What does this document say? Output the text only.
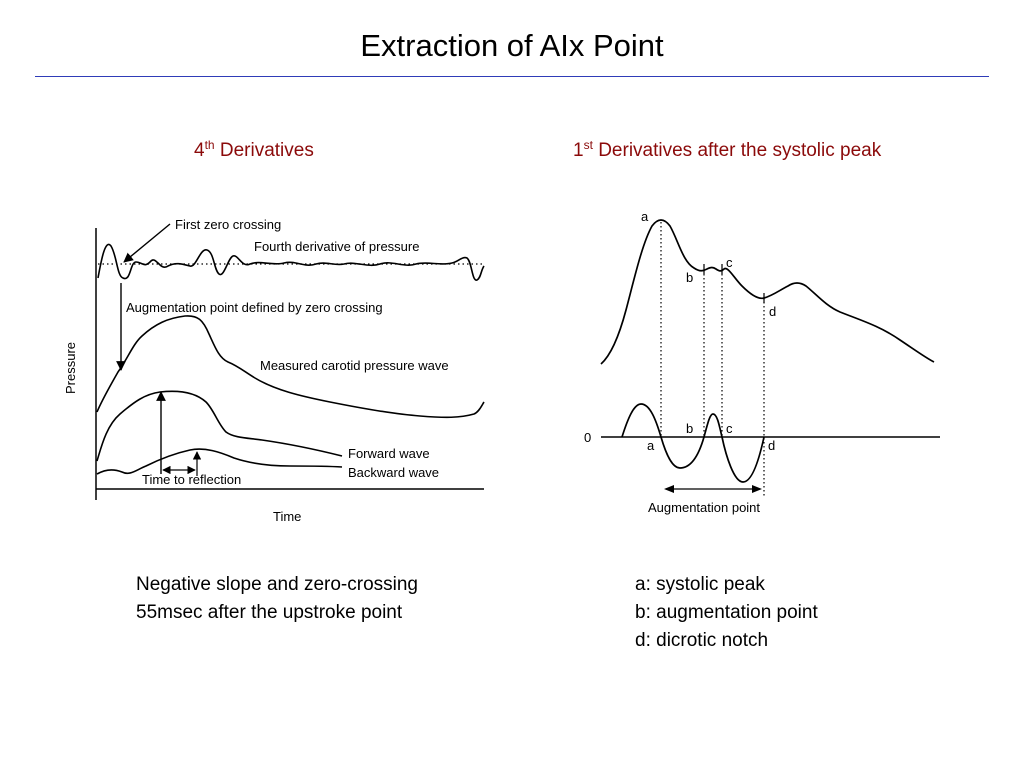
Extraction of AIx Point
4th Derivatives	1st Derivatives after the systolic peak
First zero crossing
Fourth derivative of pressure
Augmentation point defined by zero crossing
Measured carotid pressure wave
Forward wave
Backward wave
Time to reflection
Time
Pressure
a
b
c
d
a
b	c
d
0
Augmentation point
Negative slope and zero-crossing
55msec after the upstroke point
a: systolic peak
b: augmentation point
d: dicrotic notch
